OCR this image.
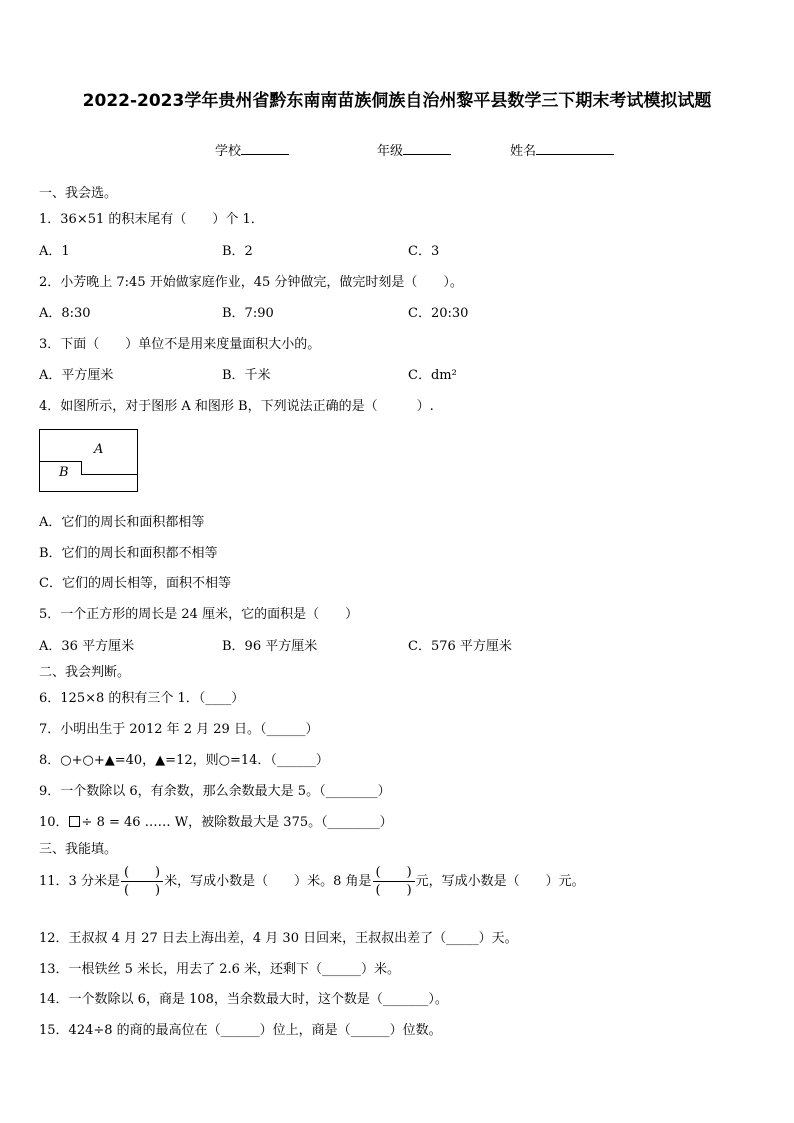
2022-2023学年贵州省黔东南南苗族侗族自治州黎平县数学三下期末考试模拟试题
学校	年级	姓名
一、我会选。
1．36×51 的积末尾有（　　）个 1．
A．1	B．2	C．3
2．小芳晚上 7:45 开始做家庭作业，45 分钟做完，做完时刻是（　　）。
A．8:30	B．7:90	C．20:30
3．下面（　　）单位不是用来度量面积大小的。
A．平方厘米	B．千米	C．dm²
4．如图所示，对于图形 A 和图形 B，下列说法正确的是（　　　）.
A
B
A．它们的周长和面积都相等
B．它们的周长和面积都不相等
C．它们的周长相等，面积不相等
5．一个正方形的周长是 24 厘米，它的面积是（　　）
A．36 平方厘米	B．96 平方厘米	C．576 平方厘米
二、我会判断。
6．125×8 的积有三个 1．（____）
7．小明出生于 2012 年 2 月 29 日。（______）
8．○+○+▲=40，▲=12，则○=14．（______）
9．一个数除以 6，有余数，那么余数最大是 5。（________）
10． ÷ 8 = 46 …… W，被除数最大是 375。（________）
三、我能填。
11．3 分米是 $\frac{( )}{( )}$ 米，写成小数是（　　）米。8 角是 $\frac{( )}{( )}$ 元，写成小数是（　　）元。
12．王叔叔 4 月 27 日去上海出差，4 月 30 日回来，王叔叔出差了（_____）天。
13．一根铁丝 5 米长，用去了 2.6 米，还剩下（______）米。
14．一个数除以 6，商是 108，当余数最大时，这个数是（_______）。
15．424÷8 的商的最高位在（______）位上，商是（______）位数。
